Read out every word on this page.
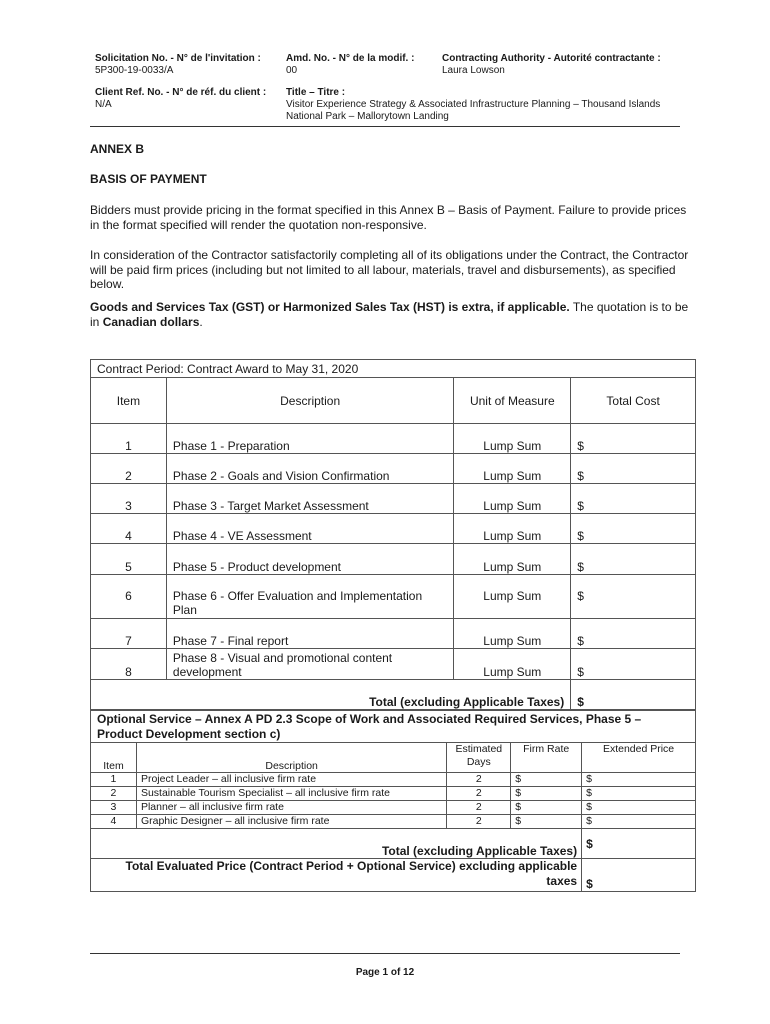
Solicitation No. - N° de l'invitation :
5P300-19-0033/A
Amd. No. - N° de la modif. :
00
Contracting Authority - Autorité contractante :
Laura Lowson
Client Ref. No. - N° de réf. du client :
N/A
Title – Titre :
Visitor Experience Strategy & Associated Infrastructure Planning – Thousand Islands
National Park – Mallorytown Landing
ANNEX B
BASIS OF PAYMENT
Bidders must provide pricing in the format specified in this Annex B – Basis of Payment. Failure to provide prices in the format specified will render the quotation non-responsive.
In consideration of the Contractor satisfactorily completing all of its obligations under the Contract, the Contractor will be paid firm prices (including but not limited to all labour, materials, travel and disbursements), as specified below.
Goods and Services Tax (GST) or Harmonized Sales Tax (HST) is extra, if applicable. The quotation is to be in Canadian dollars.
Contract Period: Contract Award to May 31, 2020			
Item	Description	Unit of Measure	Total Cost
1	Phase 1 - Preparation	Lump Sum	$
2	Phase 2 - Goals and Vision Confirmation	Lump Sum	$
3	Phase 3 - Target Market Assessment	Lump Sum	$
4	Phase 4 - VE Assessment	Lump Sum	$
5	Phase 5 - Product development	Lump Sum	$
6	Phase 6 - Offer Evaluation and Implementation Plan	Lump Sum	$
7	Phase 7 - Final report	Lump Sum	$
8	Phase 8 - Visual and promotional content development	Lump Sum	$
Total (excluding Applicable Taxes)			$
Optional Service – Annex A PD 2.3 Scope of Work and Associated Required Services, Phase 5 – Product Development section c)				
Item	Description	Estimated Days	Firm Rate	Extended Price
1	Project Leader – all inclusive firm rate	2	$	$
2	Sustainable Tourism Specialist – all inclusive firm rate	2	$	$
3	Planner – all inclusive firm rate	2	$	$
4	Graphic Designer – all inclusive firm rate	2	$	$
Total (excluding Applicable Taxes)				$

Total Evaluated Price (Contract Period + Optional Service) excluding applicable
taxes				$
Page 1 of 12
